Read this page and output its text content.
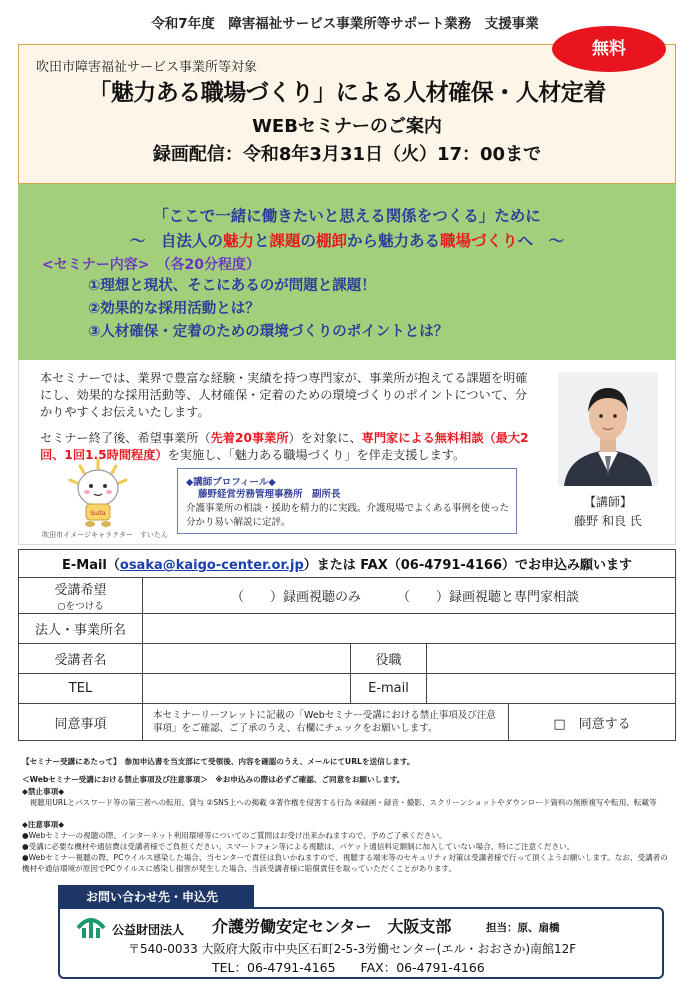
令和7年度　障害福祉サービス事業所等サポート業務　支援事業
無料
吹田市障害福祉サービス事業所等対象
「魅力ある職場づくり」による人材確保・人材定着
WEBセミナーのご案内
録画配信：令和8年3月31日（火）17：00まで
「ここで一緒に働きたいと思える関係をつくる」ために
～　自法人の魅力と課題の棚卸から魅力ある職場づくりへ　～
<セミナー内容>　（各20分程度）
①理想と現状、そこにあるのが問題と課題！
②効果的な採用活動とは？
③人材確保・定着のための環境づくりのポイントとは？
本セミナーでは、業界で豊富な経験・実績を持つ専門家が、事業所が抱えてる課題を明確にし、効果的な採用活動等、人材確保・定着のための環境づくりのポイントについて、分かりやすくお伝えいたします。
セミナー終了後、希望事業所（先着20事業所）を対象に、専門家による無料相談（最大2回、1回1.5時間程度）を実施し、「魅力ある職場づくり」を伴走支援します。
Suita
吹田市イメージキャラクター　すいたん
◆講師プロフィール◆
藤野経営労務管理事務所　副所長
介護事業所の相談・援助を精力的に実践。介護現場でよくある事例を使った分かり易い解説に定評。
【講師】
藤野 和良 氏
E-Mail（osaka@kaigo-center.or.jp）または FAX（06-4791-4166）でお申込み願います
受講希望
○をつける
（　　）録画視聴のみ	（　　）録画視聴と専門家相談
法人・事業所名
受講者名	役職
TEL	E-mail
同意事項
本セミナーリーフレットに記載の「Webセミナー受講における禁止事項及び注意事項」をご確認、ご了承のうえ、右欄にチェックをお願いします。	□　同意する
【セミナー受講にあたって】　参加申込書を当支部にて受領後、内容を確認のうえ、メールにてURLを送信します。
＜Webセミナー受講における禁止事項及び注意事項＞　※お申込みの際は必ずご確認、ご同意をお願いします。
◆禁止事項◆
　視聴用URLとパスワード等の第三者への転用、貸与 ②SNS上への掲載 ③著作権を侵害する行為 ④録画・録音・撮影、スクリーンショットやダウンロード資料の無断複写や転用、転載等
◆注意事項◆
●Webセミナーの視聴の際、インターネット利用環境等についてのご質問はお受け出来かねますので、予めご了承ください。
●受講に必要な機材や通信費は受講者様でご負担ください。スマートフォン等による視聴は、パケット通信料定額制に加入していない場合、特にご注意ください。
●Webセミナー視聴の際、PCウイルス感染した場合、当センターで責任は負いかねますので、視聴する端末等のセキュリティ対策は受講者様で行って頂くようお願いします。なお、受講者の機材や通信環境が原因でPCウイルスに感染し損害が発生した場合、当該受講者様に賠償責任を取っていただくことがあります。
お問い合わせ先・申込先
公益財団法人 介護労働安定センター　大阪支部	担当：原、扇橋
〒540-0033 大阪府大阪市中央区石町2-5-3労働センター(エル・おおさか)南館12F
TEL：06-4791-4165　　FAX：06-4791-4166
